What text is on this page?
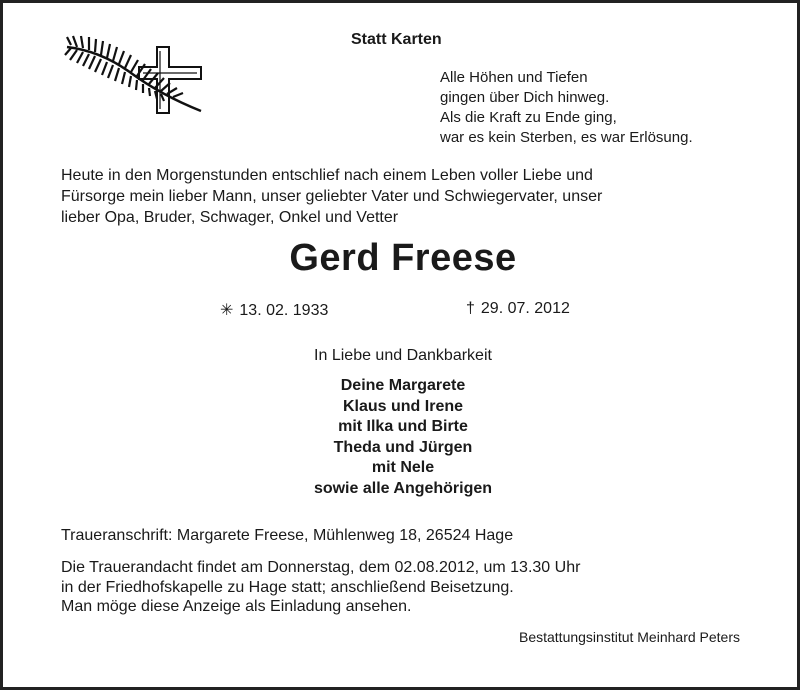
Statt Karten
Alle Höhen und Tiefen
gingen über Dich hinweg.
Als die Kraft zu Ende ging,
war es kein Sterben, es war Erlösung.
Heute in den Morgenstunden entschlief nach einem Leben voller Liebe und
Fürsorge mein lieber Mann, unser geliebter Vater und Schwiegervater, unser
lieber Opa, Bruder, Schwager, Onkel und Vetter
Gerd Freese
✳ 13. 02. 1933	† 29. 07. 2012
In Liebe und Dankbarkeit
Deine Margarete
Klaus und Irene
mit Ilka und Birte
Theda und Jürgen
mit Nele
sowie alle Angehörigen
Traueranschrift: Margarete Freese, Mühlenweg 18, 26524 Hage
Die Trauerandacht findet am Donnerstag, dem 02.08.2012, um 13.30 Uhr
in der Friedhofskapelle zu Hage statt; anschließend Beisetzung.
Man möge diese Anzeige als Einladung ansehen.
Bestattungsinstitut Meinhard Peters
